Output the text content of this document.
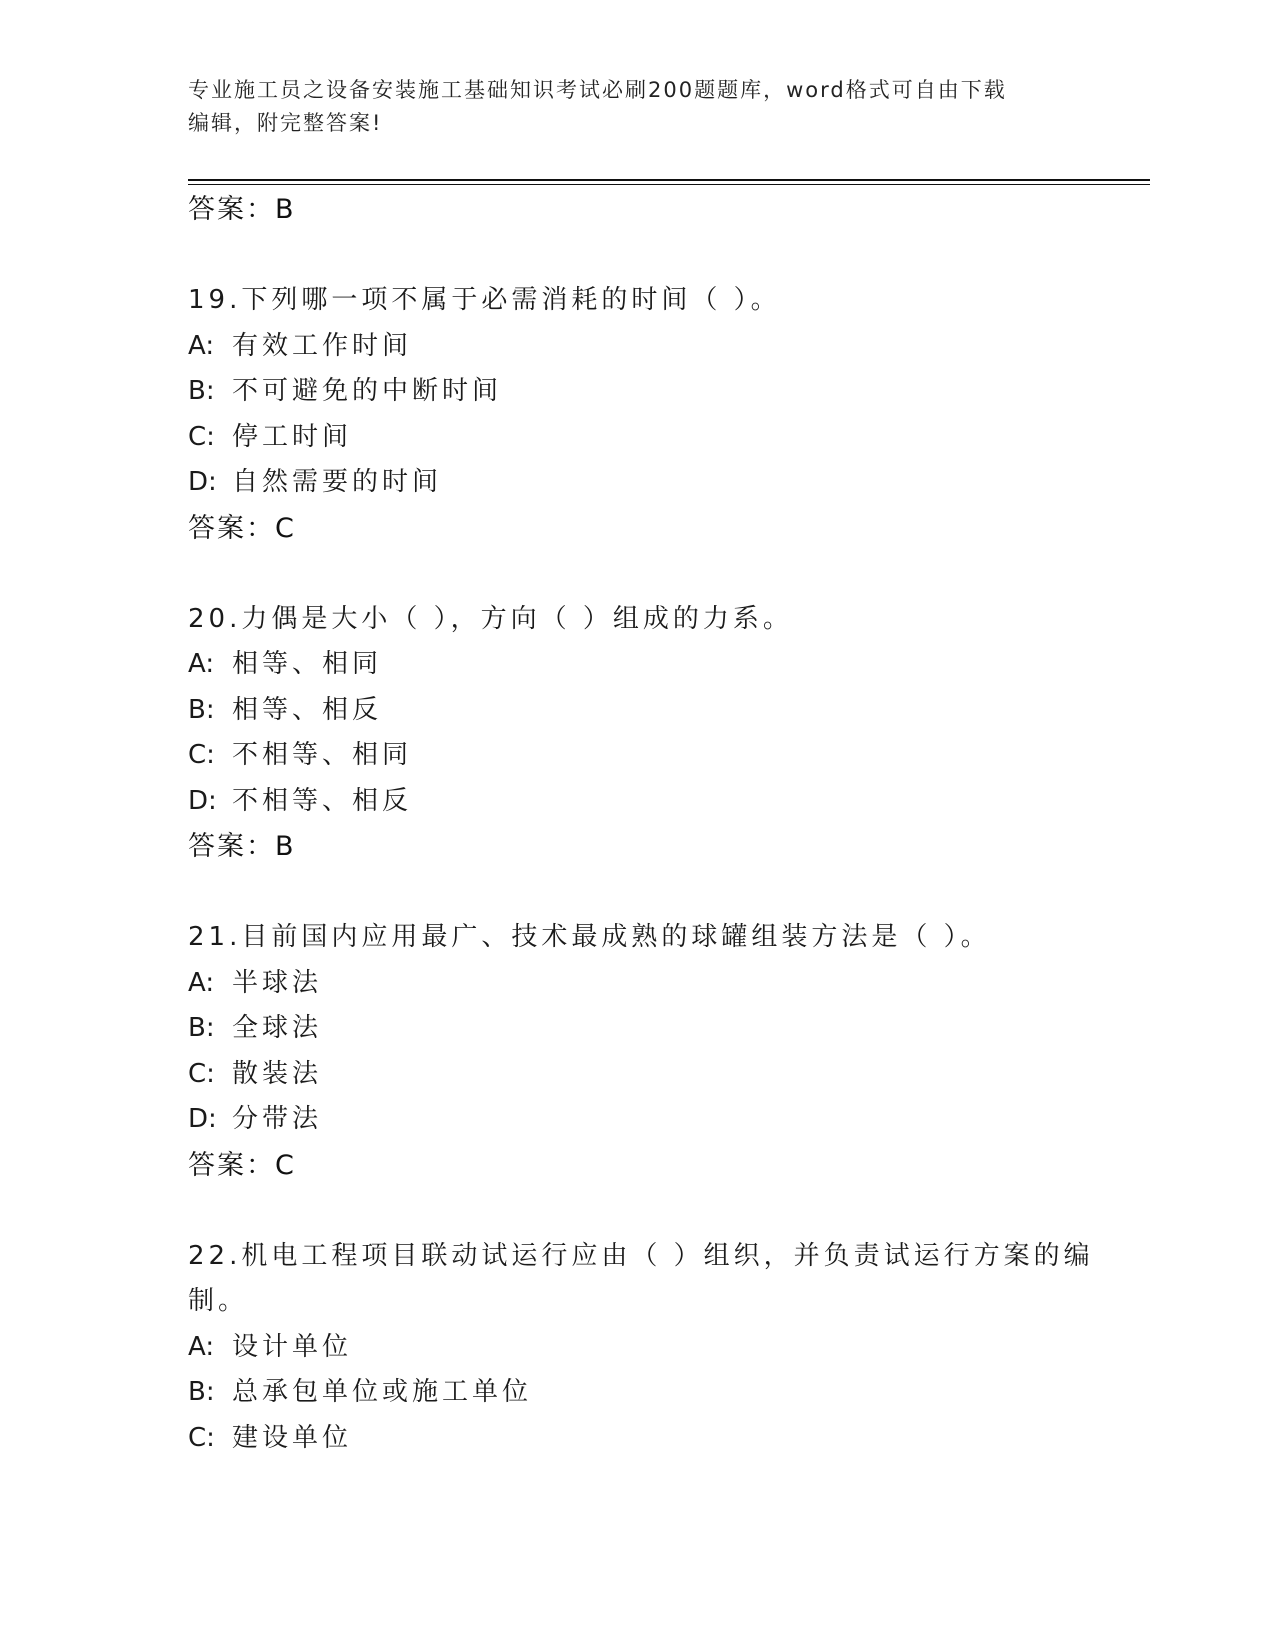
专业施工员之设备安装施工基础知识考试必刷200题题库，word格式可自由下载
编辑，附完整答案!
答案：B
19.下列哪一项不属于必需消耗的时间（ ）。
A: 有效工作时间
B: 不可避免的中断时间
C: 停工时间
D: 自然需要的时间
答案：C
20.力偶是大小（ ），方向（ ）组成的力系。
A: 相等、相同
B: 相等、相反
C: 不相等、相同
D: 不相等、相反
答案：B
21.目前国内应用最广、技术最成熟的球罐组装方法是（ ）。
A: 半球法
B: 全球法
C: 散装法
D: 分带法
答案：C
22.机电工程项目联动试运行应由（ ）组织，并负责试运行方案的编
制。
A: 设计单位
B: 总承包单位或施工单位
C: 建设单位
